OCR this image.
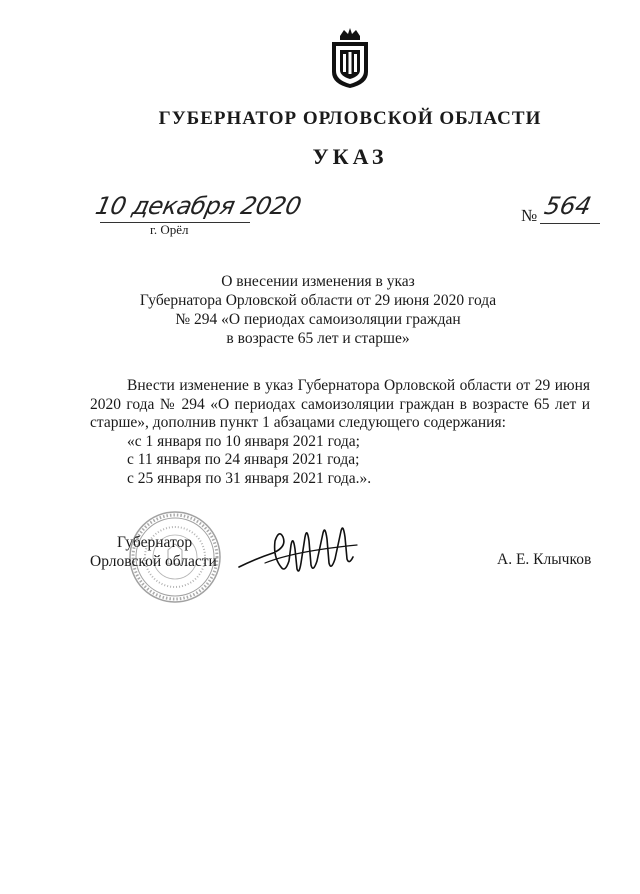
ГУБЕРНАТОР ОРЛОВСКОЙ ОБЛАСТИ
УКАЗ
10 декабря 2020
г. Орёл
№ 564
О внесении изменения в указ
Губернатора Орловской области от 29 июня 2020 года
№ 294 «О периодах самоизоляции граждан
в возрасте 65 лет и старше»

Внести изменение в указ Губернатора Орловской области от 29 июня 2020 года № 294 «О периодах самоизоляции граждан в возрасте 65 лет и старше», дополнив пункт 1 абзацами следующего содержания:

«с 1 января по 10 января 2021 года;

с 11 января по 24 января 2021 года;

с 25 января по 31 января 2021 года.».

Губернатор
Орловской области	А. Е. Клычков
